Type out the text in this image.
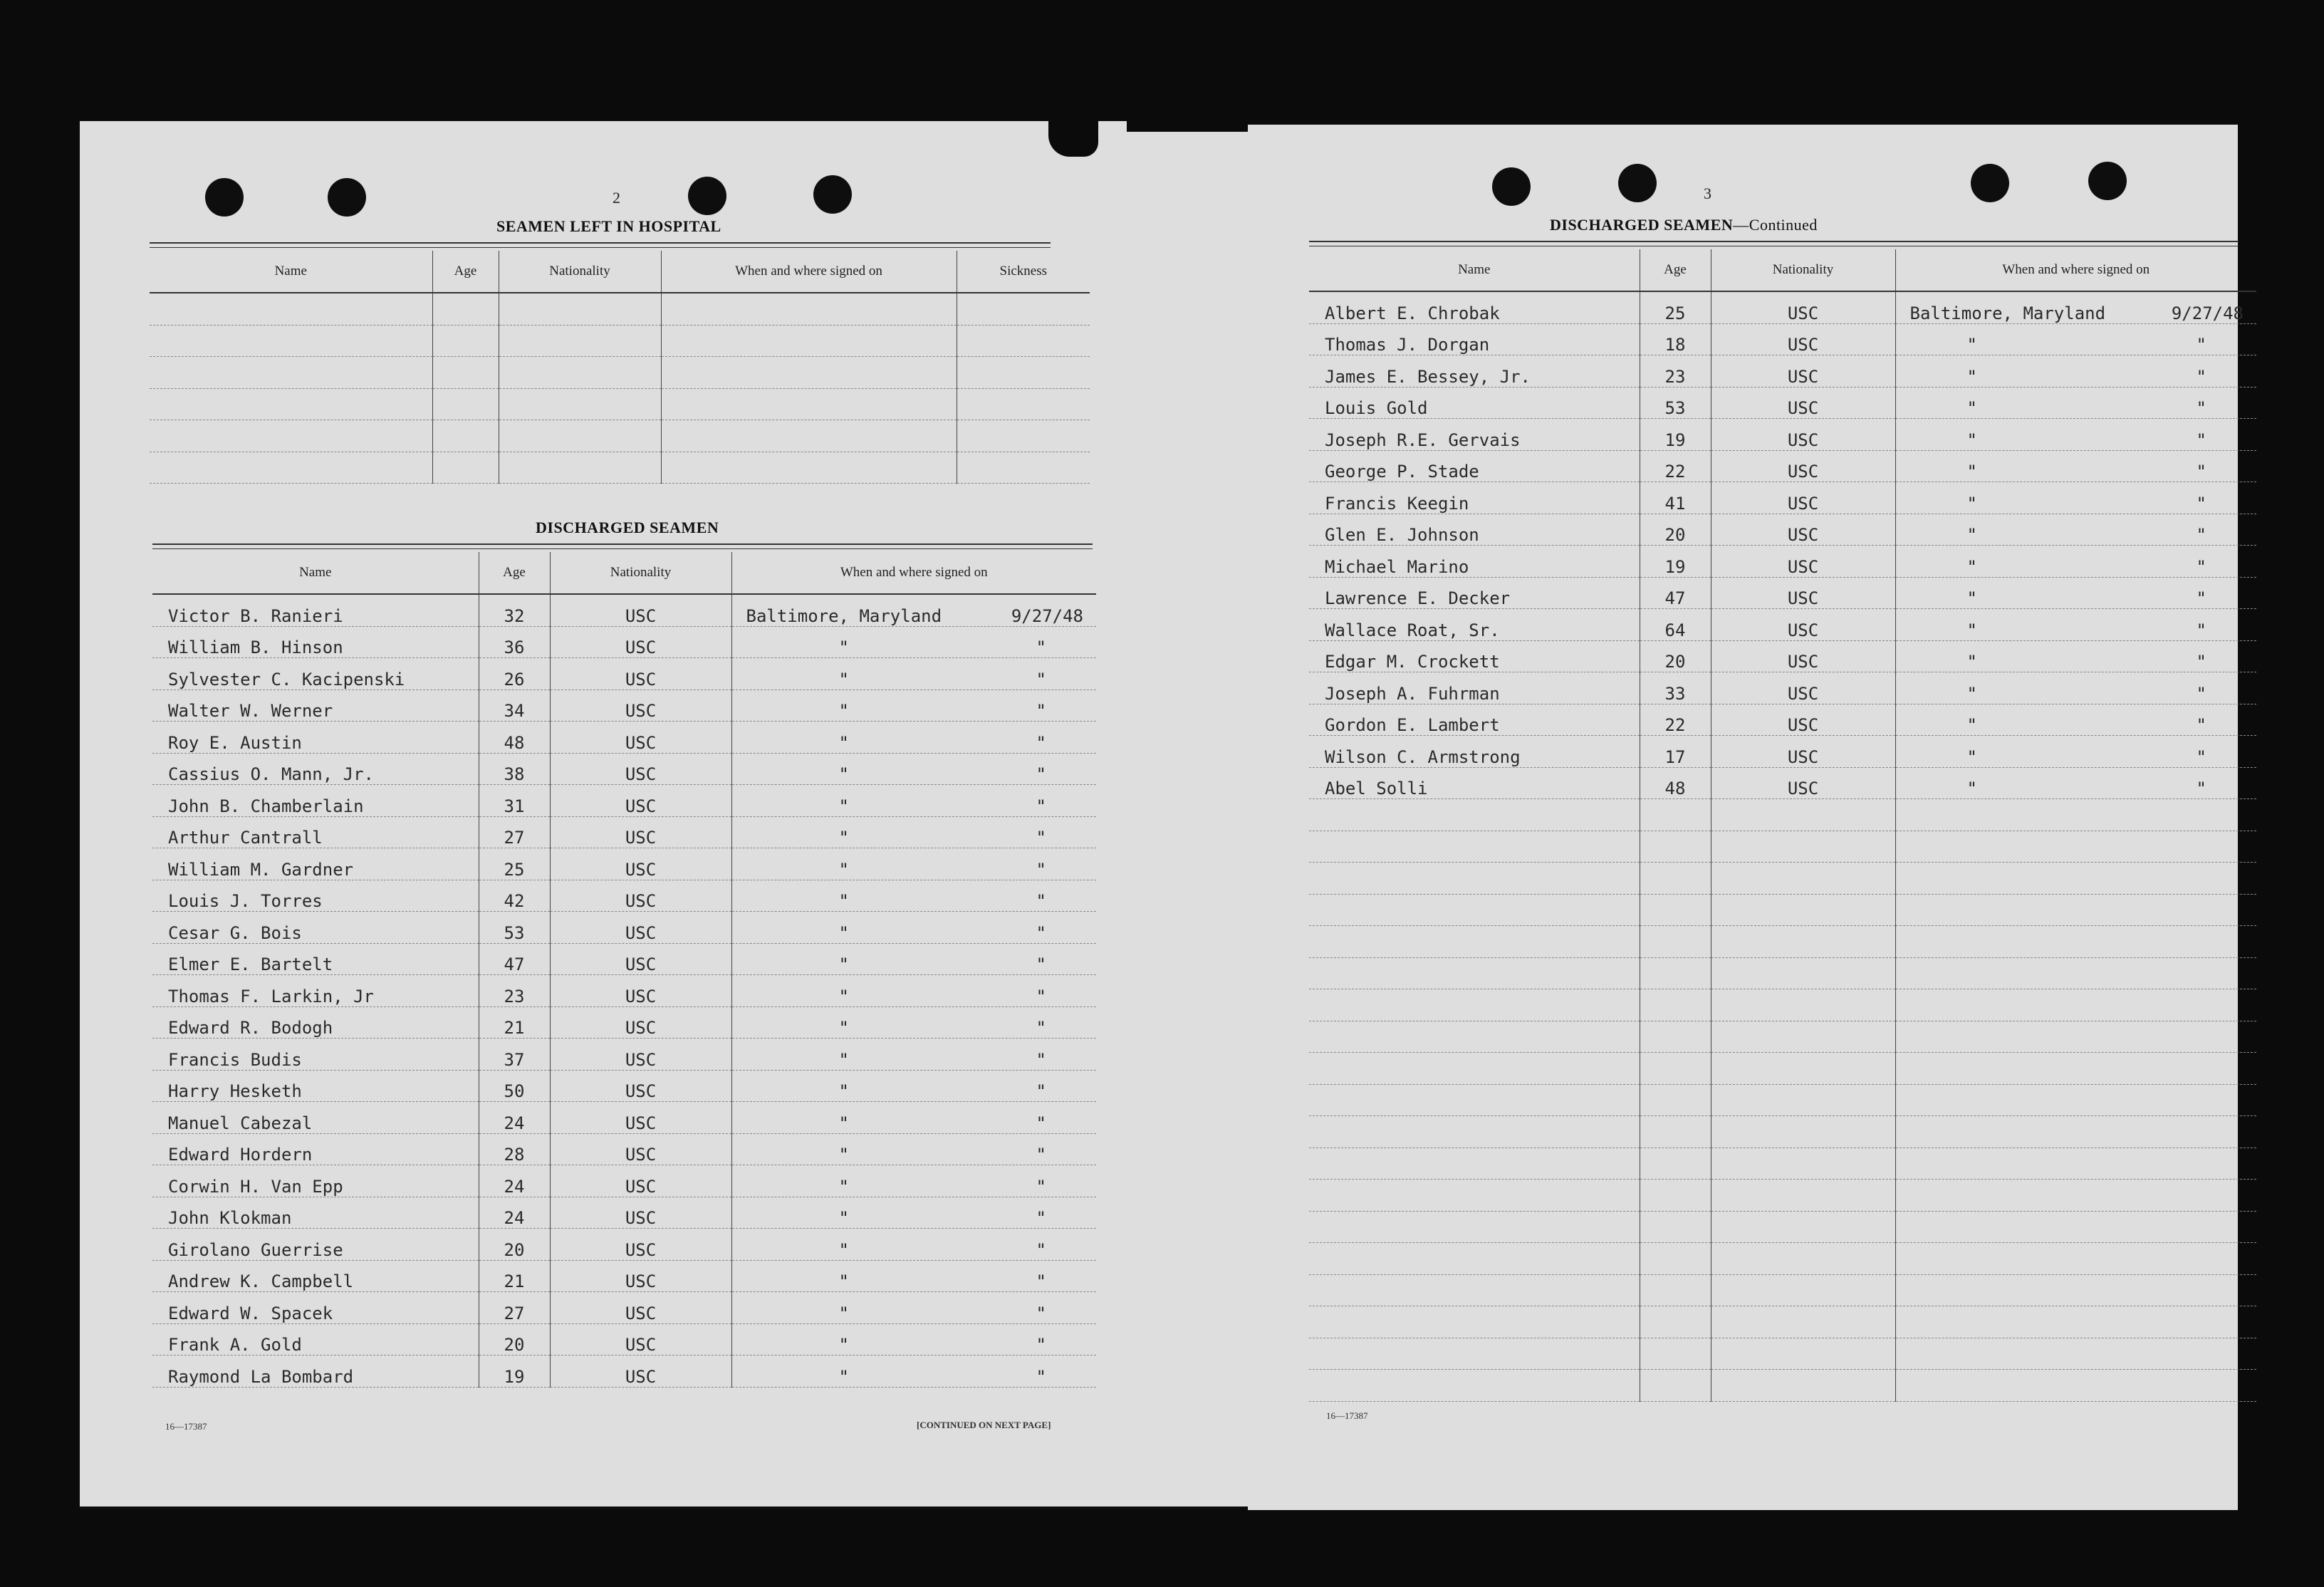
2
SEAMEN LEFT IN HOSPITAL
Name	Age	Nationality	When and where signed on	Sickness

DISCHARGED SEAMEN
Name	Age	Nationality	When and where signed on
Victor B. Ranieri	32	USC	Baltimore, Maryland 9/27/48

William B. Hinson	36	USC	" "

Sylvester C. Kacipenski	26	USC	" "

Walter W. Werner	34	USC	" "

Roy E. Austin	48	USC	" "

Cassius O. Mann, Jr.	38	USC	" "

John B. Chamberlain	31	USC	" "

Arthur Cantrall	27	USC	" "

William M. Gardner	25	USC	" "

Louis J. Torres	42	USC	" "

Cesar G. Bois	53	USC	" "

Elmer E. Bartelt	47	USC	" "

Thomas F. Larkin, Jr	23	USC	" "

Edward R. Bodogh	21	USC	" "

Francis Budis	37	USC	" "

Harry Hesketh	50	USC	" "

Manuel Cabezal	24	USC	" "

Edward Hordern	28	USC	" "

Corwin H. Van Epp	24	USC	" "

John Klokman	24	USC	" "

Girolano Guerrise	20	USC	" "

Andrew K. Campbell	21	USC	" "

Edward W. Spacek	27	USC	" "

Frank A. Gold	20	USC	" "

Raymond La Bombard	19	USC	" "
16—17387	[CONTINUED ON NEXT PAGE]
3
DISCHARGED SEAMEN—Continued
Name	Age	Nationality	When and where signed on
Albert E. Chrobak	25	USC	Baltimore, Maryland 9/27/48

Thomas J. Dorgan	18	USC	" "

James E. Bessey, Jr.	23	USC	" "

Louis Gold	53	USC	" "

Joseph R.E. Gervais	19	USC	" "

George P. Stade	22	USC	" "

Francis Keegin	41	USC	" "

Glen E. Johnson	20	USC	" "

Michael Marino	19	USC	" "

Lawrence E. Decker	47	USC	" "

Wallace Roat, Sr.	64	USC	" "

Edgar M. Crockett	20	USC	" "

Joseph A. Fuhrman	33	USC	" "

Gordon E. Lambert	22	USC	" "

Wilson C. Armstrong	17	USC	" "

Abel Solli	48	USC	" "

16—17387
